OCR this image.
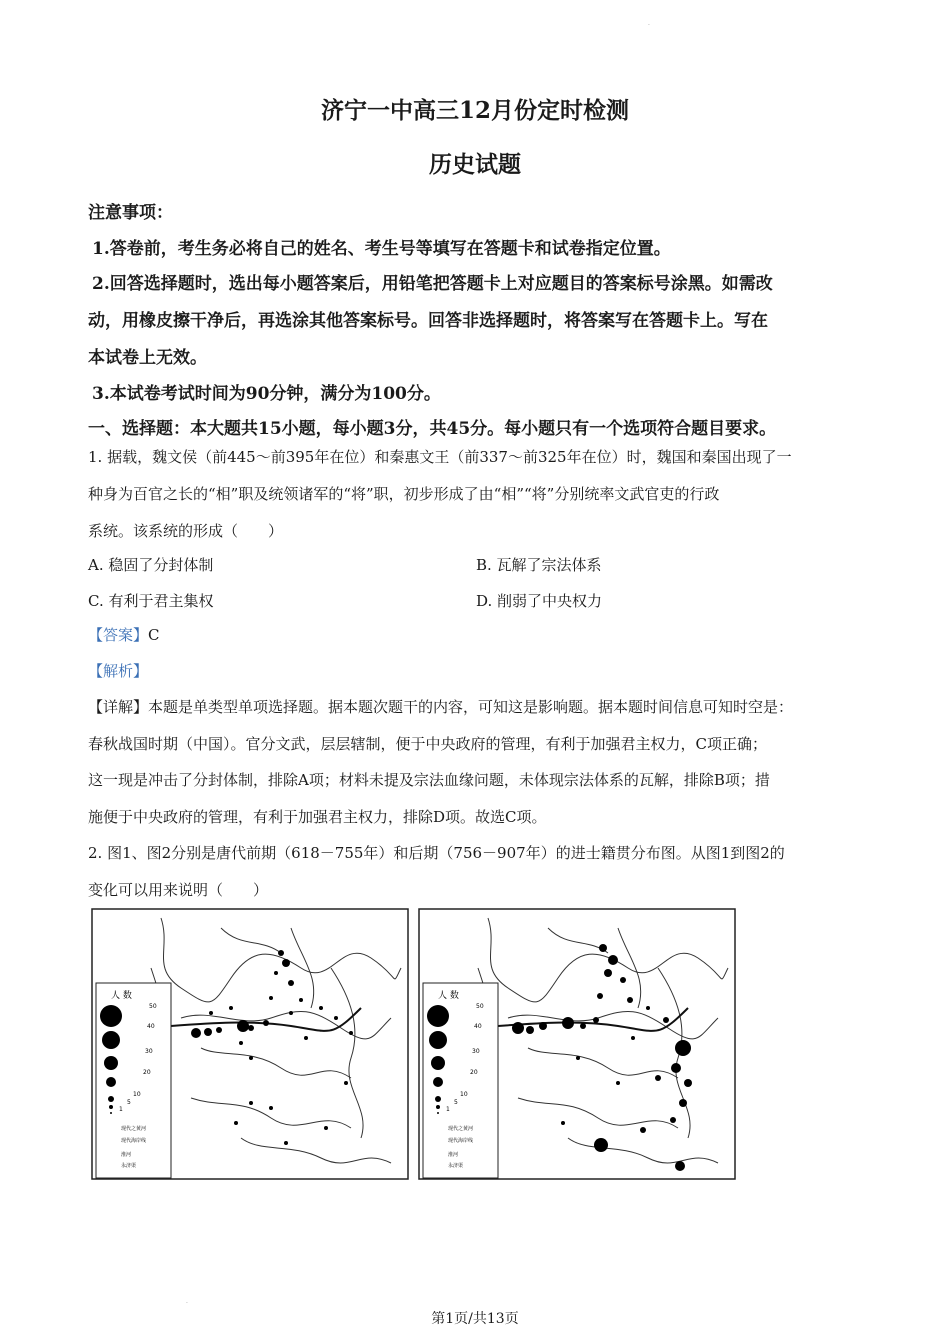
·
济宁一中高三12月份定时检测
历史试题
注意事项：
1.答卷前，考生务必将自己的姓名、考生号等填写在答题卡和试卷指定位置。
2.回答选择题时，选出每小题答案后，用铅笔把答题卡上对应题目的答案标号涂黑。如需改
动，用橡皮擦干净后，再选涂其他答案标号。回答非选择题时，将答案写在答题卡上。写在
本试卷上无效。
3.本试卷考试时间为90分钟，满分为100分。
一、选择题：本大题共15小题，每小题3分，共45分。每小题只有一个选项符合题目要求。
1. 据载，魏文侯（前445～前395年在位）和秦惠文王（前337～前325年在位）时，魏国和秦国出现了一
种身为百官之长的“相”职及统领诸军的“将”职，初步形成了由“相”“将”分别统率文武官吏的行政
系统。该系统的形成（　　）
A. 稳固了分封体制	B. 瓦解了宗法体系
C. 有利于君主集权	D. 削弱了中央权力
【答案】C
【解析】
【详解】本题是单类型单项选择题。据本题次题干的内容，可知这是影响题。据本题时间信息可知时空是：
春秋战国时期（中国）。官分文武，层层辖制，便于中央政府的管理，有利于加强君主权力，C项正确；
这一现是冲击了分封体制，排除A项；材料未提及宗法血缘问题，未体现宗法体系的瓦解，排除B项；措
施便于中央政府的管理，有利于加强君主权力，排除D项。故选C项。
2. 图1、图2分别是唐代前期（618－755年）和后期（756－907年）的进士籍贯分布图。从图1到图2的
变化可以用来说明（　　）
人 数
50
40
30
20
10
5
1
现代之黄河
现代海岸线
淮河
永济渠
人 数
50
40
30
20
10
5
1
现代之黄河
现代海岸线
淮河
永济渠
·
第1页/共13页
